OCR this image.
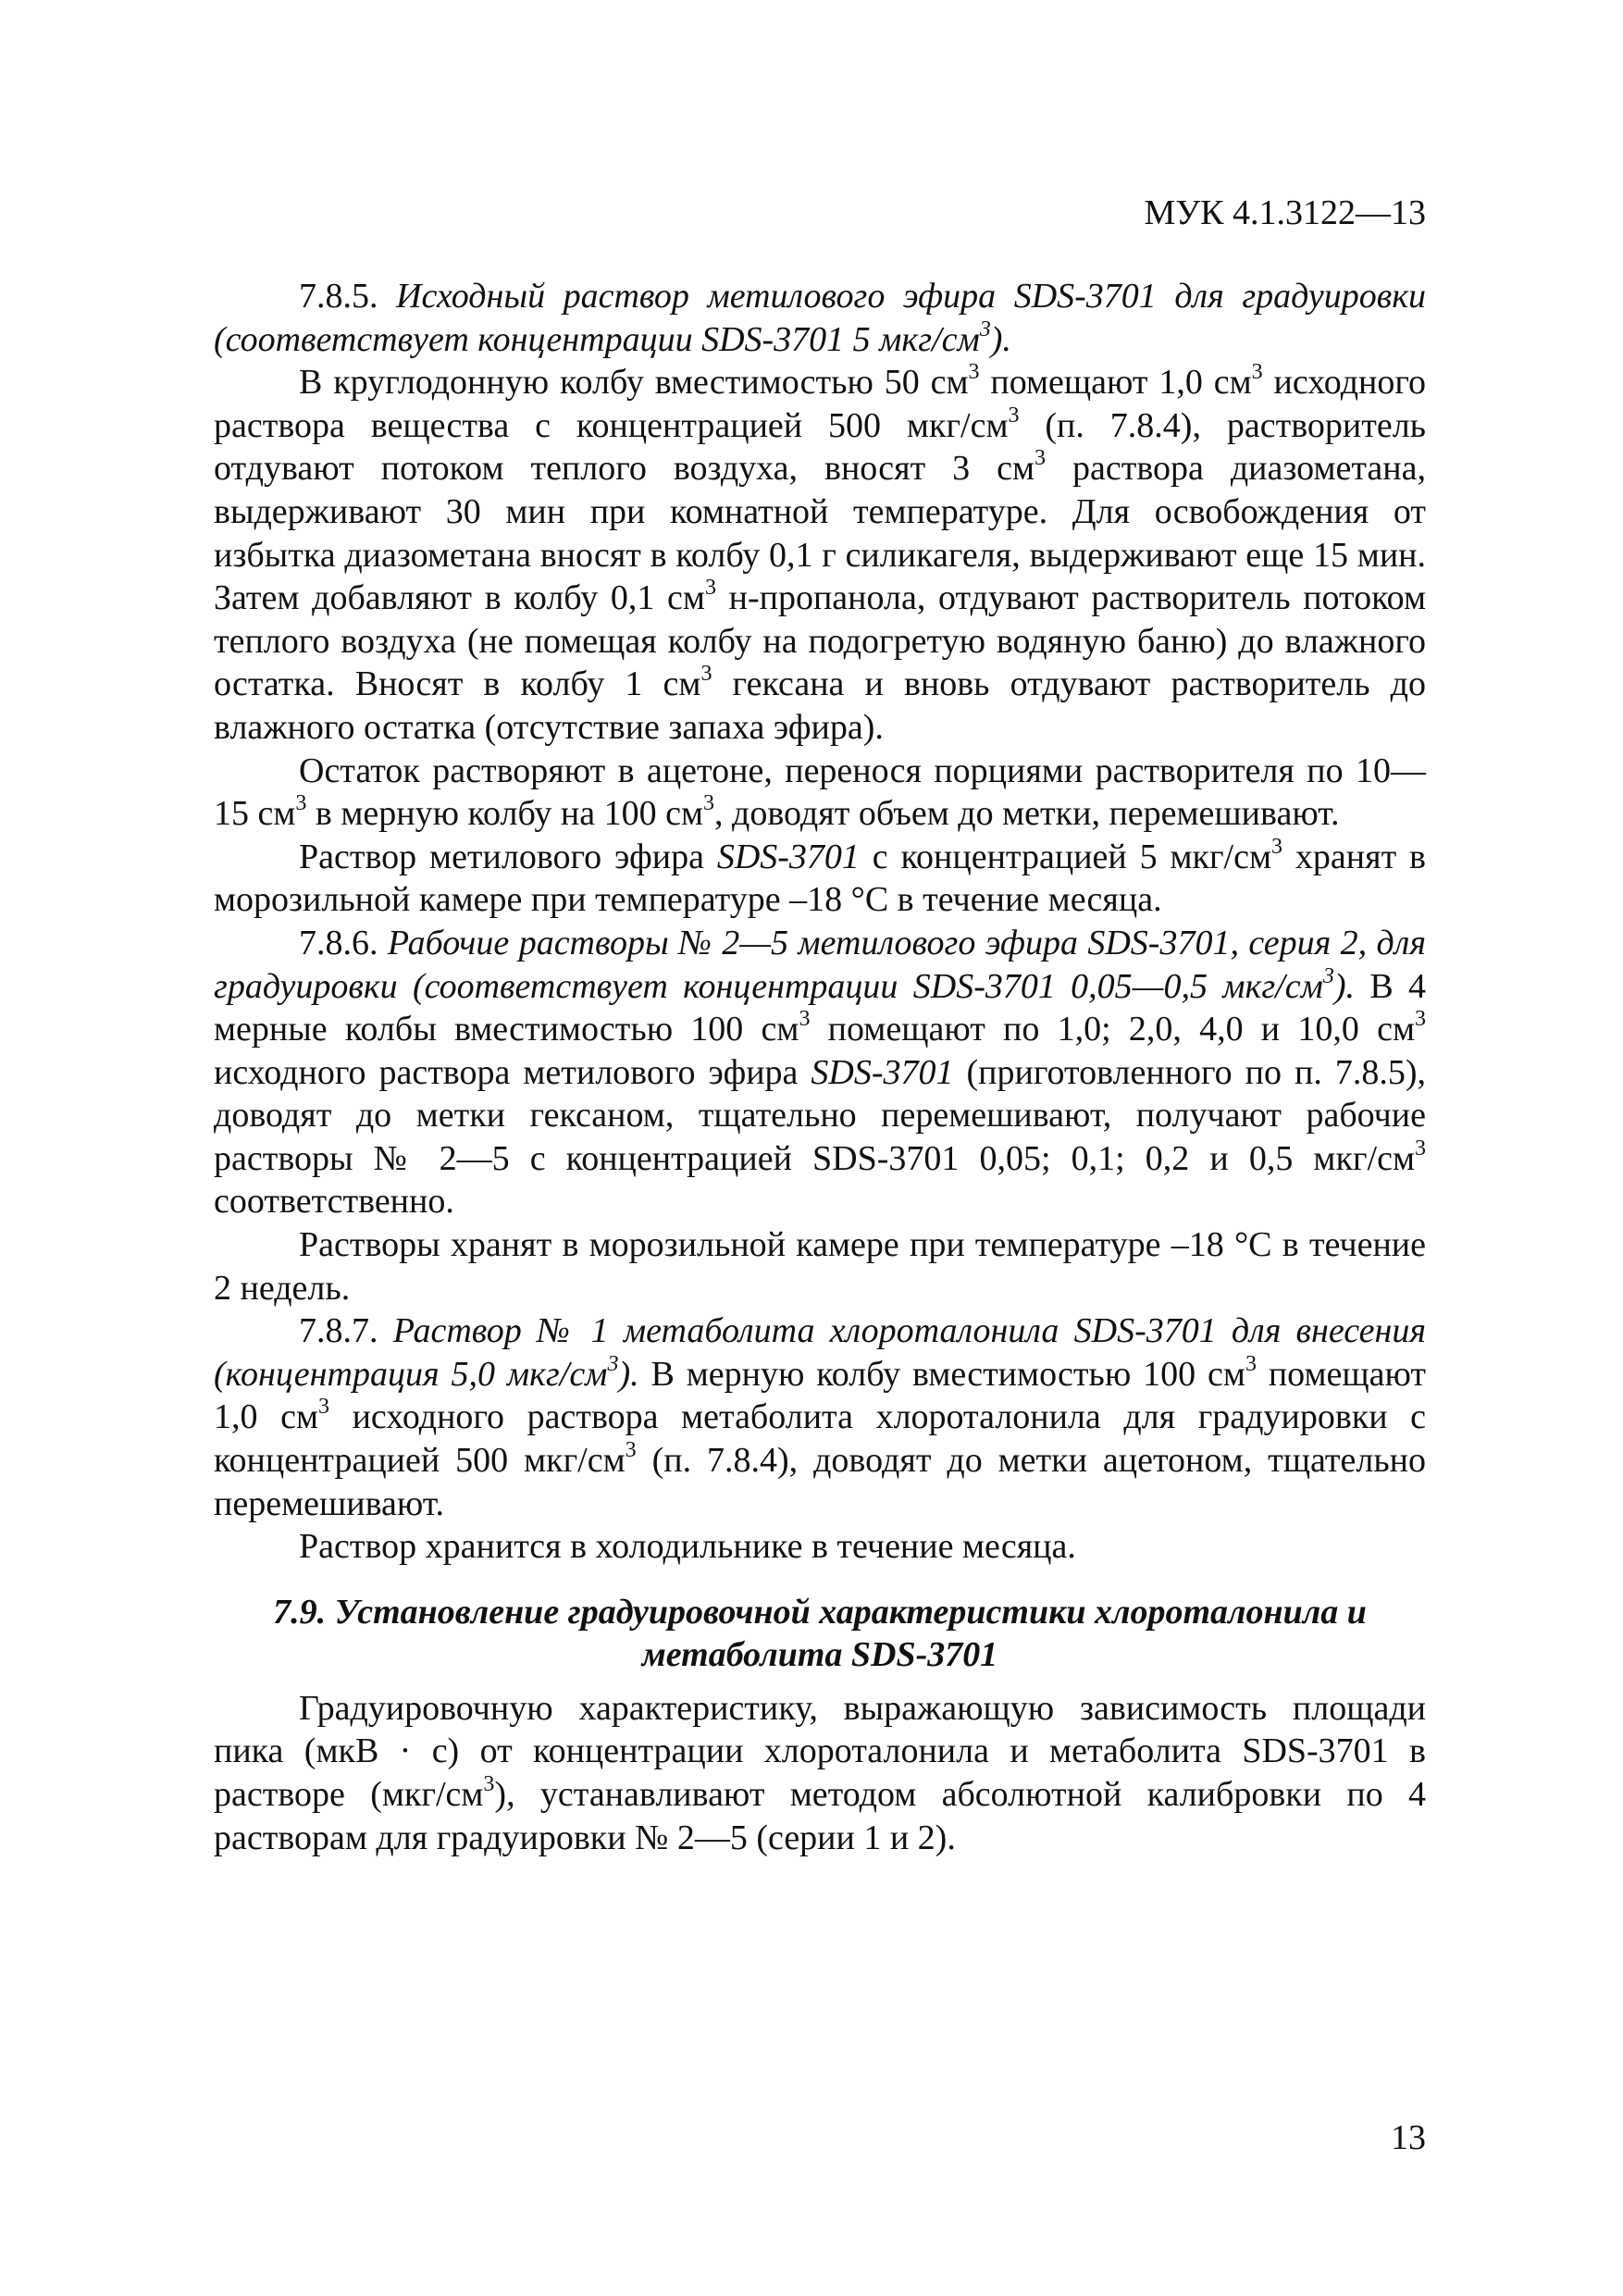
МУК 4.1.3122—13

7.8.5. Исходный раствор метилового эфира SDS-3701 для градуировки (соответствует концентрации SDS-3701 5 мкг/$см^3$).

В круглодонную колбу вместимостью 50 $см^3$ помещают 1,0 $см^3$ исходного раствора вещества с концентрацией 500 мкг/$см^3$ (п. 7.8.4), растворитель отдувают потоком теплого воздуха, вносят 3 $см^3$ раствора диазометана, выдерживают 30 мин при комнатной температуре. Для освобождения от избытка диазометана вносят в колбу 0,1 г силикагеля, выдерживают еще 15 мин. Затем добавляют в колбу 0,1 $см^3$ н-пропанола, отдувают растворитель потоком теплого воздуха (не помещая колбу на подогретую водяную баню) до влажного остатка. Вносят в колбу 1 $см^3$ гексана и вновь отдувают растворитель до влажного остатка (отсутствие запаха эфира).

Остаток растворяют в ацетоне, перенося порциями растворителя по 10—15 $см^3$ в мерную колбу на 100 $см^3$, доводят объем до метки, перемешивают.

Раствор метилового эфира SDS-3701 с концентрацией 5 мкг/$см^3$ хранят в морозильной камере при температуре –18 °С в течение месяца.

7.8.6. Рабочие растворы № 2—5 метилового эфира SDS-3701, серия 2, для градуировки (соответствует концентрации SDS-3701 0,05—0,5 мкг/$см^3$). В 4 мерные колбы вместимостью 100 $см^3$ помещают по 1,0; 2,0, 4,0 и 10,0 $см^3$ исходного раствора метилового эфира SDS-3701 (приготовленного по п. 7.8.5), доводят до метки гексаном, тщательно перемешивают, получают рабочие растворы № 2—5 с концентрацией SDS-3701 0,05; 0,1; 0,2 и 0,5 мкг/$см^3$ соответственно.

Растворы хранят в морозильной камере при температуре –18 °С в течение 2 недель.

7.8.7. Раствор № 1 метаболита хлороталонила SDS-3701 для внесения (концентрация 5,0 мкг/$см^3$). В мерную колбу вместимостью 100 $см^3$ помещают 1,0 $см^3$ исходного раствора метаболита хлороталонила для градуировки с концентрацией 500 мкг/$см^3$ (п. 7.8.4), доводят до метки ацетоном, тщательно перемешивают.

Раствор хранится в холодильнике в течение месяца.

7.9. Установление градуировочной характеристики хлороталонила и
метаболита SDS-3701

Градуировочную характеристику, выражающую зависимость площади пика (мкВ · с) от концентрации хлороталонила и метаболита SDS-3701 в растворе $(мкг/см^3)$, устанавливают методом абсолютной калибровки по 4 растворам для градуировки № 2—5 (серии 1 и 2).

13
